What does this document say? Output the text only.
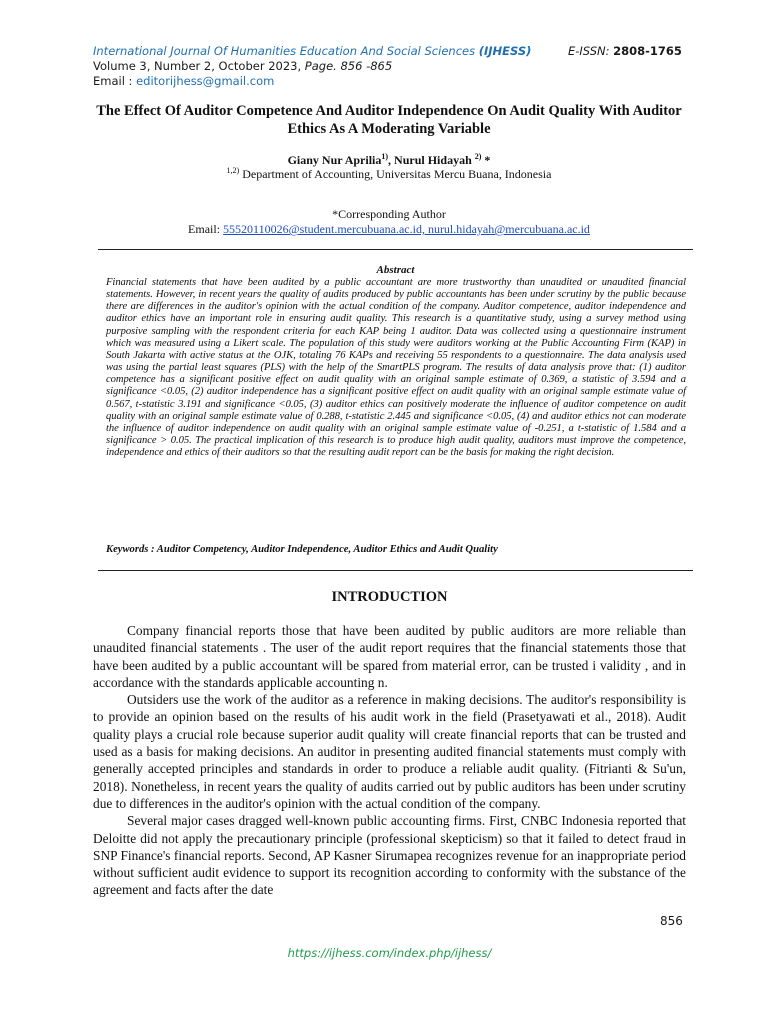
International Journal Of Humanities Education And Social Sciences (IJHESS)	E-ISSN: 2808-1765
Volume 3, Number 2, October 2023, Page. 856 -865
Email : editorijhess@gmail.com
The Effect Of Auditor Competence And Auditor Independence On Audit Quality With Auditor Ethics As A Moderating Variable
Giany Nur Aprilia$^{1)}$, Nurul Hidayah $^{2)}$ *
$^{1,2)}$ Department of Accounting, Universitas Mercu Buana, Indonesia
*Corresponding Author
Email: 55520110026@student.mercubuana.ac.id, nurul.hidayah@mercubuana.ac.id
Abstract
Financial statements that have been audited by a public accountant are more trustworthy than unaudited or unaudited financial statements. However, in recent years the quality of audits produced by public accountants has been under scrutiny by the public because there are differences in the auditor's opinion with the actual condition of the company. Auditor competence, auditor independence and auditor ethics have an important role in ensuring audit quality. This research is a quantitative study, using a survey method using purposive sampling with the respondent criteria for each KAP being 1 auditor. Data was collected using a questionnaire instrument which was measured using a Likert scale. The population of this study were auditors working at the Public Accounting Firm (KAP) in South Jakarta with active status at the OJK, totaling 76 KAPs and receiving 55 respondents to a questionnaire. The data analysis used was using the partial least squares (PLS) with the help of the SmartPLS program. The results of data analysis prove that: (1) auditor competence has a significant positive effect on audit quality with an original sample estimate of 0.369, a statistic of 3.594 and a significance <0.05, (2) auditor independence has a significant positive effect on audit quality with an original sample estimate value of 0.567, t-statistic 3.191 and significance <0.05, (3) auditor ethics can positively moderate the influence of auditor competence on audit quality with an original sample estimate value of 0.288, t-statistic 2.445 and significance <0.05, (4) and auditor ethics not can moderate the influence of auditor independence on audit quality with an original sample estimate value of -0.251, a t-statistic of 1.584 and a significance > 0.05. The practical implication of this research is to produce high audit quality, auditors must improve the competence, independence and ethics of their auditors so that the resulting audit report can be the basis for making the right decision.
Keywords : Auditor Competency, Auditor Independence, Auditor Ethics and Audit Quality
INTRODUCTION

Company financial reports those that have been audited by public auditors are more reliable than unaudited financial statements . The user of the audit report requires that the financial statements those that have been audited by a public accountant will be spared from material error, can be trusted i validity , and in accordance with the standards applicable accounting n.

Outsiders use the work of the auditor as a reference in making decisions. The auditor's responsibility is to provide an opinion based on the results of his audit work in the field (Prasetyawati et al., 2018). Audit quality plays a crucial role because superior audit quality will create financial reports that can be trusted and used as a basis for making decisions. An auditor in presenting audited financial statements must comply with generally accepted principles and standards in order to produce a reliable audit quality. (Fitrianti & Su'un, 2018). Nonetheless, in recent years the quality of audits carried out by public auditors has been under scrutiny due to differences in the auditor's opinion with the actual condition of the company.

Several major cases dragged well-known public accounting firms. First, CNBC Indonesia reported that Deloitte did not apply the precautionary principle (professional skepticism) so that it failed to detect fraud in SNP Finance's financial reports. Second, AP Kasner Sirumapea recognizes revenue for an inappropriate period without sufficient audit evidence to support its recognition according to conformity with the substance of the agreement and facts after the date

856
https://ijhess.com/index.php/ijhess/
